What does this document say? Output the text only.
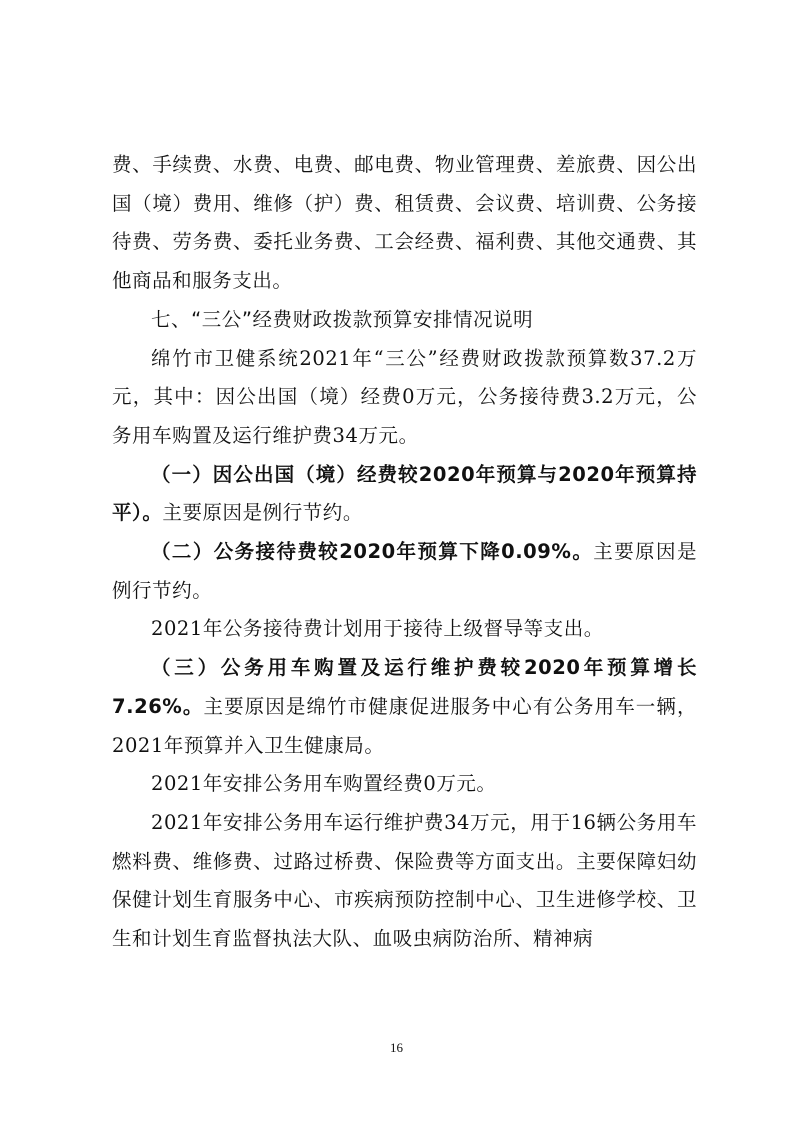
费、手续费、水费、电费、邮电费、物业管理费、差旅费、因公出国（境）费用、维修（护）费、租赁费、会议费、培训费、公务接待费、劳务费、委托业务费、工会经费、福利费、其他交通费、其他商品和服务支出。

七、“三公”经费财政拨款预算安排情况说明

绵竹市卫健系统2021年“三公”经费财政拨款预算数37.2万元，其中：因公出国（境）经费0万元，公务接待费3.2万元，公务用车购置及运行维护费34万元。

（一）因公出国（境）经费较2020年预算与2020年预算持平）。主要原因是例行节约。

（二）公务接待费较2020年预算下降0.09%。主要原因是例行节约。

2021年公务接待费计划用于接待上级督导等支出。

（三）公务用车购置及运行维护费较2020年预算增长7.26%。主要原因是绵竹市健康促进服务中心有公务用车一辆，2021年预算并入卫生健康局。

2021年安排公务用车购置经费0万元。

2021年安排公务用车运行维护费34万元，用于16辆公务用车燃料费、维修费、过路过桥费、保险费等方面支出。主要保障妇幼保健计划生育服务中心、市疾病预防控制中心、卫生进修学校、卫生和计划生育监督执法大队、血吸虫病防治所、精神病

16
